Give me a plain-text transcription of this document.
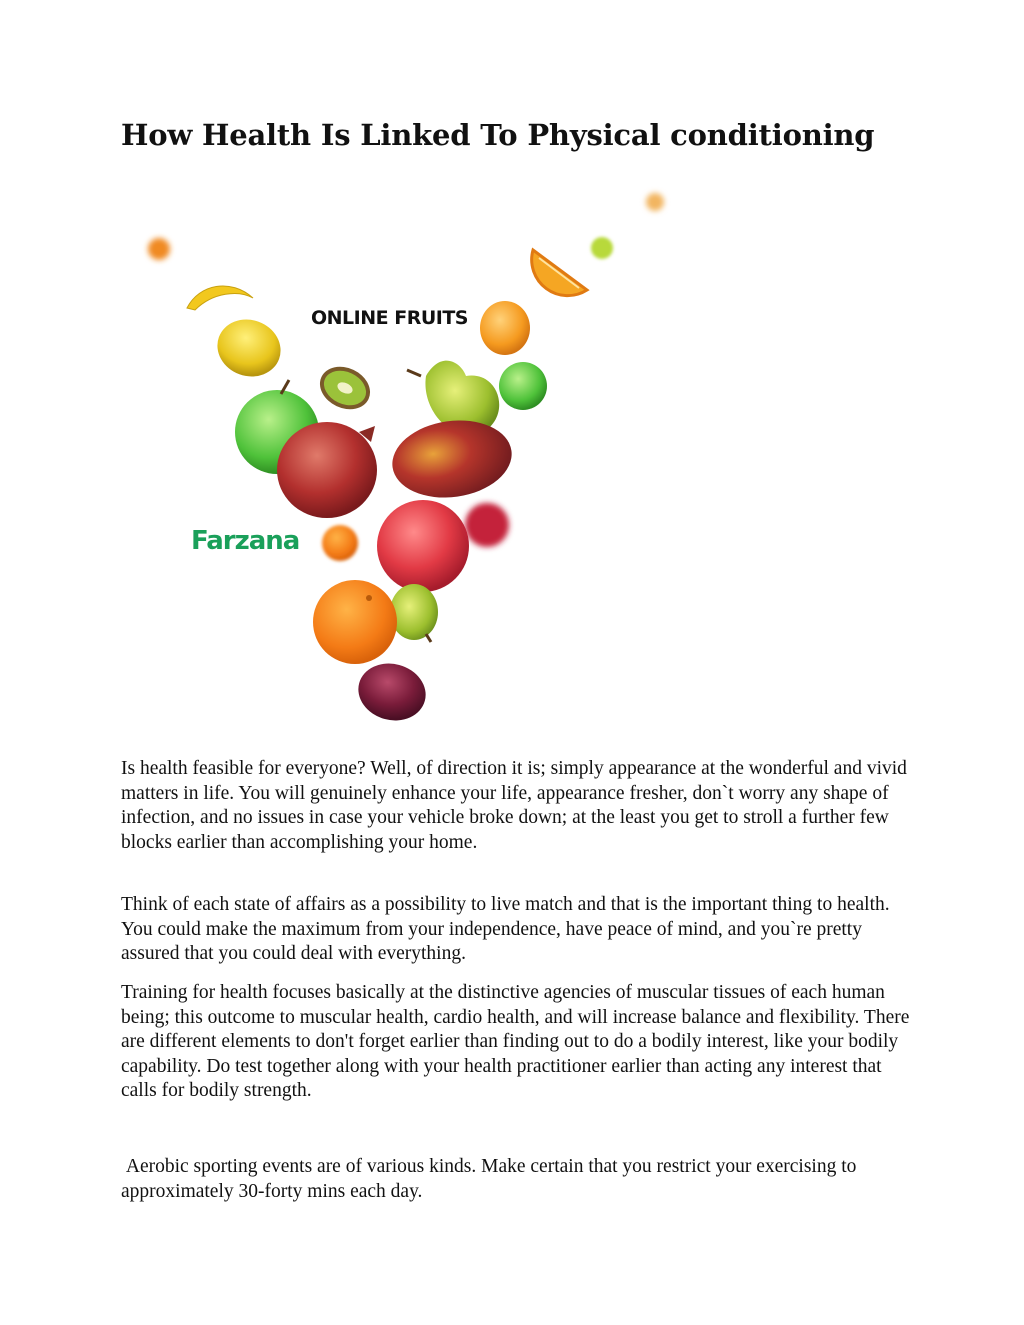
How Health Is Linked To Physical conditioning
ONLINE FRUITS
Farzana

Is health feasible for everyone? Well, of direction it is; simply appearance at the wonderful and vivid matters in life. You will genuinely enhance your life, appearance fresher, don`t worry any shape of infection, and no issues in case your vehicle broke down; at the least you get to stroll a further few blocks earlier than accomplishing your home.

Think of each state of affairs as a possibility to live match and that is the important thing to health. You could make the maximum from your independence, have peace of mind, and you`re pretty assured that you could deal with everything.

Training for health focuses basically at the distinctive agencies of muscular tissues of each human being; this outcome to muscular health, cardio health, and will increase balance and flexibility. There are different elements to don't forget earlier than finding out to do a bodily interest, like your bodily capability. Do test together along with your health practitioner earlier than acting any interest that calls for bodily strength.

Aerobic sporting events are of various kinds. Make certain that you restrict your exercising to approximately 30-forty mins each day.
